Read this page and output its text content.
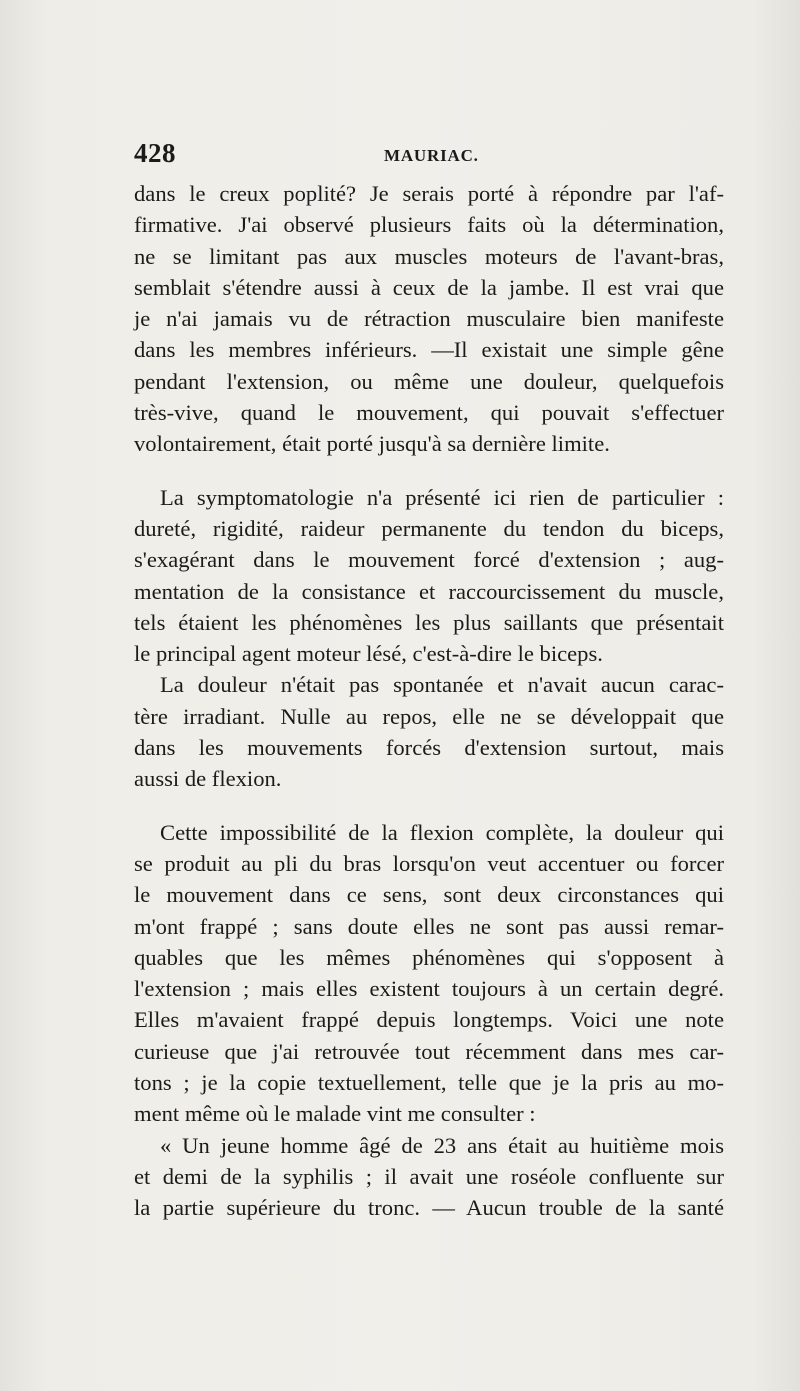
428	MAURIAC.
dans le creux poplité? Je serais porté à répondre par l'af-
firmative. J'ai observé plusieurs faits où la détermination,
ne se limitant pas aux muscles moteurs de l'avant-bras,
semblait s'étendre aussi à ceux de la jambe. Il est vrai que
je n'ai jamais vu de rétraction musculaire bien manifeste
dans les membres inférieurs. —Il existait une simple gêne
pendant l'extension, ou même une douleur, quelquefois
très-vive, quand le mouvement, qui pouvait s'effectuer
volontairement, était porté jusqu'à sa dernière limite.
La symptomatologie n'a présenté ici rien de particulier :
dureté, rigidité, raideur permanente du tendon du biceps,
s'exagérant dans le mouvement forcé d'extension ; aug-
mentation de la consistance et raccourcissement du muscle,
tels étaient les phénomènes les plus saillants que présentait
le principal agent moteur lésé, c'est-à-dire le biceps.
La douleur n'était pas spontanée et n'avait aucun carac-
tère irradiant. Nulle au repos, elle ne se développait que
dans les mouvements forcés d'extension surtout, mais
aussi de flexion.
Cette impossibilité de la flexion complète, la douleur qui
se produit au pli du bras lorsqu'on veut accentuer ou forcer
le mouvement dans ce sens, sont deux circonstances qui
m'ont frappé ; sans doute elles ne sont pas aussi remar-
quables que les mêmes phénomènes qui s'opposent à
l'extension ; mais elles existent toujours à un certain degré.
Elles m'avaient frappé depuis longtemps. Voici une note
curieuse que j'ai retrouvée tout récemment dans mes car-
tons ; je la copie textuellement, telle que je la pris au mo-
ment même où le malade vint me consulter :
« Un jeune homme âgé de 23 ans était au huitième mois
et demi de la syphilis ; il avait une roséole confluente sur
la partie supérieure du tronc. — Aucun trouble de la santé
